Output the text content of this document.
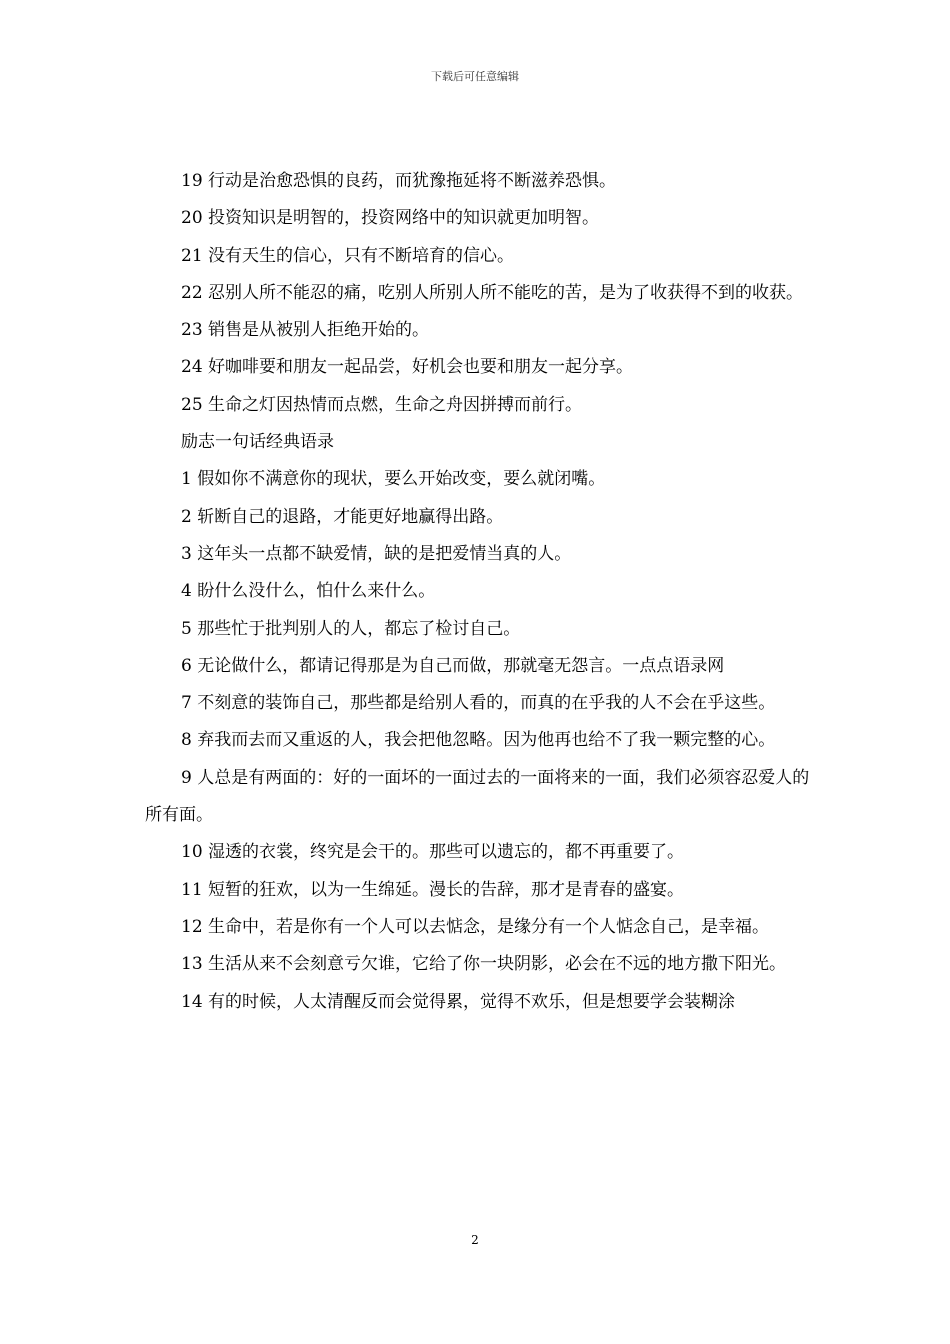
下载后可任意编辑

19 行动是治愈恐惧的良药，而犹豫拖延将不断滋养恐惧。

20 投资知识是明智的，投资网络中的知识就更加明智。

21 没有天生的信心，只有不断培育的信心。

22 忍别人所不能忍的痛，吃别人所别人所不能吃的苦，是为了收获得不到的收获。

23 销售是从被别人拒绝开始的。

24 好咖啡要和朋友一起品尝，好机会也要和朋友一起分享。

25 生命之灯因热情而点燃，生命之舟因拼搏而前行。

励志一句话经典语录

1 假如你不满意你的现状，要么开始改变，要么就闭嘴。

2 斩断自己的退路，才能更好地赢得出路。

3 这年头一点都不缺爱情，缺的是把爱情当真的人。

4 盼什么没什么，怕什么来什么。

5 那些忙于批判别人的人，都忘了检讨自己。

6 无论做什么，都请记得那是为自己而做，那就毫无怨言。一点点语录网

7 不刻意的装饰自己，那些都是给别人看的，而真的在乎我的人不会在乎这些。

8 弃我而去而又重返的人，我会把他忽略。因为他再也给不了我一颗完整的心。

9 人总是有两面的：好的一面坏的一面过去的一面将来的一面，我们必须容忍爱人的所有面。

10 湿透的衣裳，终究是会干的。那些可以遗忘的，都不再重要了。

11 短暂的狂欢，以为一生绵延。漫长的告辞，那才是青春的盛宴。

12 生命中，若是你有一个人可以去惦念，是缘分有一个人惦念自己，是幸福。

13 生活从来不会刻意亏欠谁，它给了你一块阴影，必会在不远的地方撒下阳光。

14 有的时候，人太清醒反而会觉得累，觉得不欢乐，但是想要学会装糊涂

2
